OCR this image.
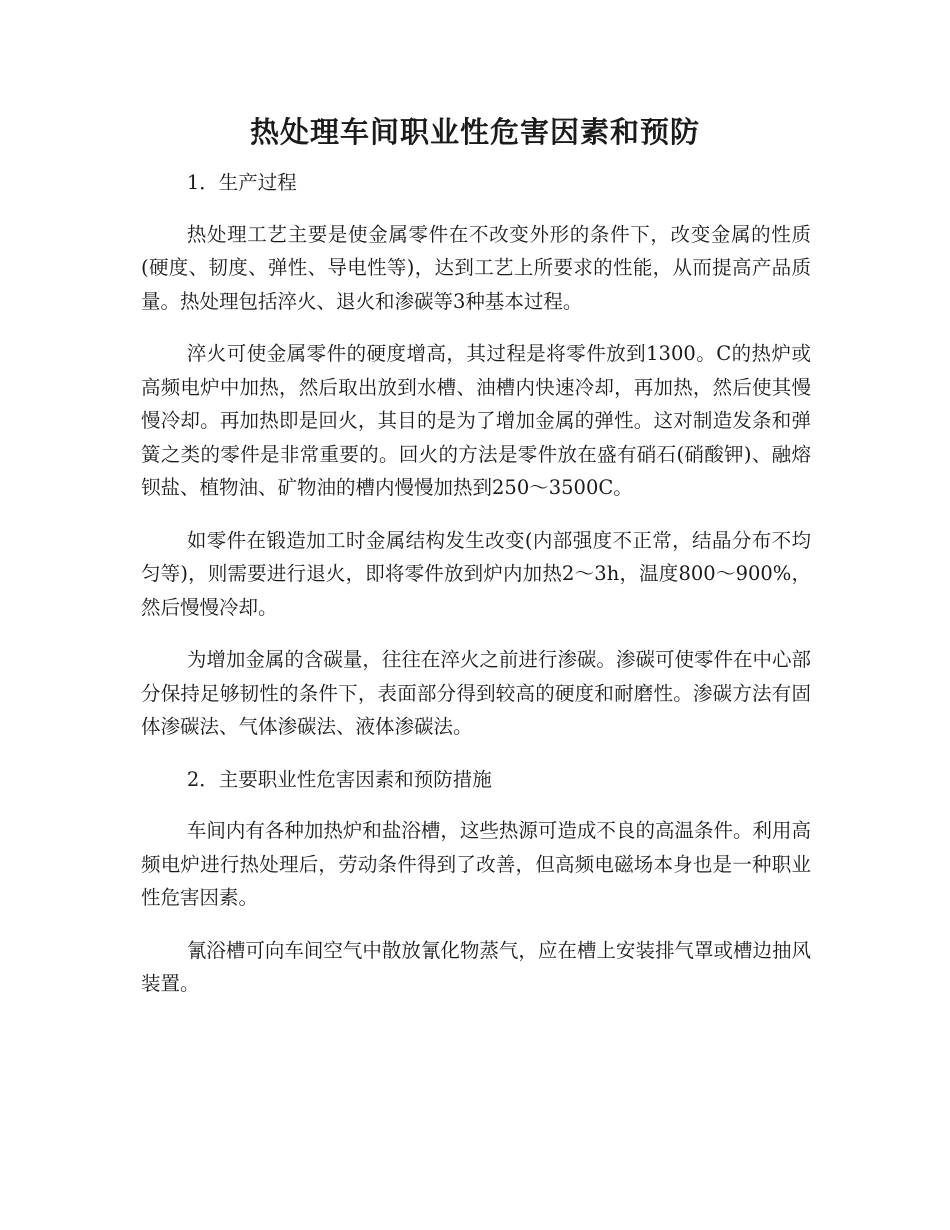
热处理车间职业性危害因素和预防

1．生产过程

热处理工艺主要是使金属零件在不改变外形的条件下，改变金属的性质(硬度、韧度、弹性、导电性等)，达到工艺上所要求的性能，从而提高产品质量。热处理包括淬火、退火和渗碳等3种基本过程。

淬火可使金属零件的硬度增高，其过程是将零件放到1300。C的热炉或高频电炉中加热，然后取出放到水槽、油槽内快速冷却，再加热，然后使其慢慢冷却。再加热即是回火，其目的是为了增加金属的弹性。这对制造发条和弹簧之类的零件是非常重要的。回火的方法是零件放在盛有硝石(硝酸钾)、融熔钡盐、植物油、矿物油的槽内慢慢加热到250～3500C。

如零件在锻造加工时金属结构发生改变(内部强度不正常，结晶分布不均匀等)，则需要进行退火，即将零件放到炉内加热2～3h，温度800～900%，然后慢慢冷却。

为增加金属的含碳量，往往在淬火之前进行渗碳。渗碳可使零件在中心部分保持足够韧性的条件下，表面部分得到较高的硬度和耐磨性。渗碳方法有固体渗碳法、气体渗碳法、液体渗碳法。

2．主要职业性危害因素和预防措施

车间内有各种加热炉和盐浴槽，这些热源可造成不良的高温条件。利用高频电炉进行热处理后，劳动条件得到了改善，但高频电磁场本身也是一种职业性危害因素。

氰浴槽可向车间空气中散放氰化物蒸气，应在槽上安装排气罩或槽边抽风装置。
